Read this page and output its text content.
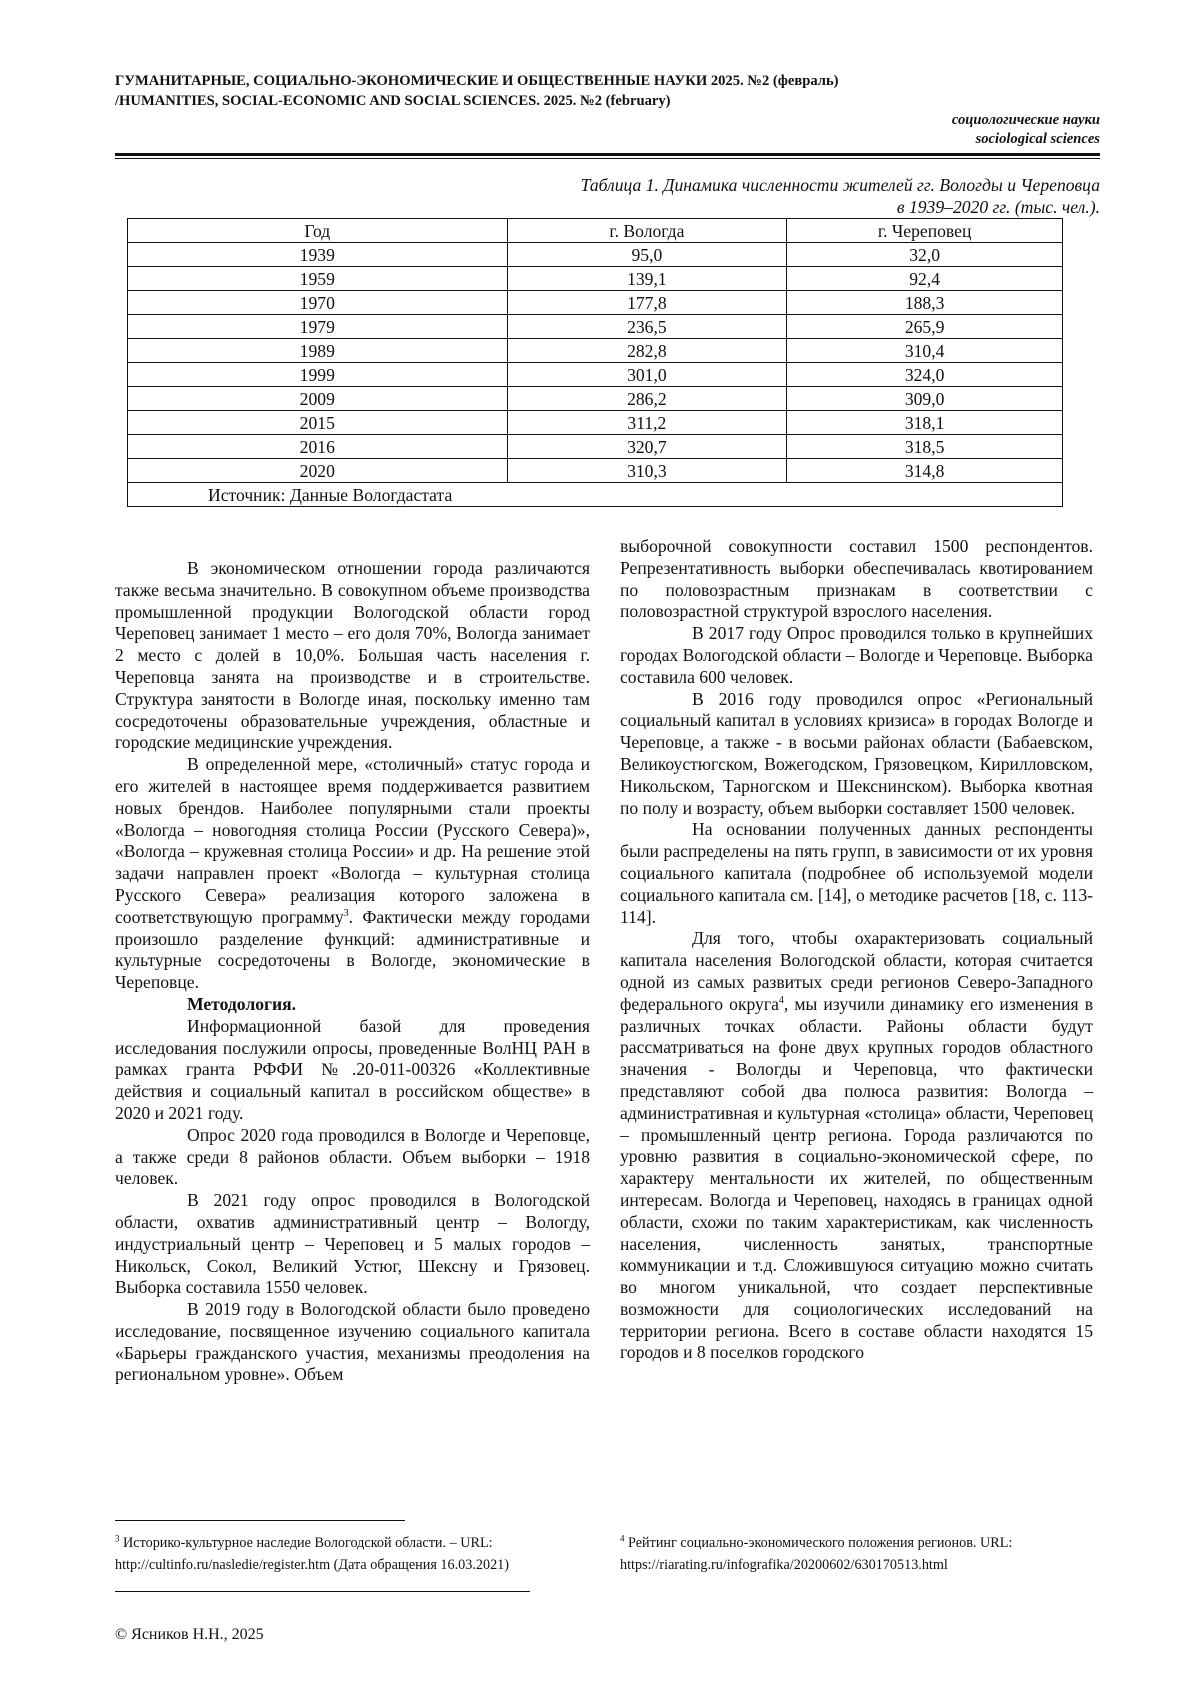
ГУМАНИТАРНЫЕ, СОЦИАЛЬНО-ЭКОНОМИЧЕСКИЕ И ОБЩЕСТВЕННЫЕ НАУКИ 2025. №2 (февраль)
/HUMANITIES, SOCIAL-ECONOMIC AND SOCIAL SCIENCES. 2025. №2 (february)
социологические науки
sociological sciences
Таблица 1. Динамика численности жителей гг. Вологды и Череповца
в 1939–2020 гг. (тыс. чел.).
Год	г. Вологда	г. Череповец
1939	95,0	32,0
1959	139,1	92,4
1970	177,8	188,3
1979	236,5	265,9
1989	282,8	310,4
1999	301,0	324,0
2009	286,2	309,0
2015	311,2	318,1
2016	320,7	318,5
2020	310,3	314,8
Источник: Данные Вологдастата		

В экономическом отношении города различаются также весьма значительно. В совокупном объеме производства промышленной продукции Вологодской области город Череповец занимает 1 место – его доля 70%, Вологда занимает 2 место с долей в 10,0%. Большая часть населения г. Череповца занята на производстве и в строительстве. Структура занятости в Вологде иная, поскольку именно там сосредоточены образовательные учреждения, областные и городские медицинские учреждения.

В определенной мере, «столичный» статус города и его жителей в настоящее время поддерживается развитием новых брендов. Наиболее популярными стали проекты «Вологда – новогодняя столица России (Русского Севера)», «Вологда – кружевная столица России» и др. На решение этой задачи направлен проект «Вологда – культурная столица Русского Севера» реализация которого заложена в соответствующую программу$^3$. Фактически между городами произошло разделение функций: административные и культурные сосредоточены в Вологде, экономические в Череповце.

Методология.

Информационной базой для проведения исследования послужили опросы, проведенные ВолНЦ РАН в рамках гранта РФФИ №.20-011-00326 «Коллективные действия и социальный капитал в российском обществе» в 2020 и 2021 году.

Опрос 2020 года проводился в Вологде и Череповце, а также среди 8 районов области. Объем выборки – 1918 человек.

В 2021 году опрос проводился в Вологодской области, охватив административный центр – Вологду, индустриальный центр – Череповец и 5 малых городов – Никольск, Сокол, Великий Устюг, Шексну и Грязовец. Выборка составила 1550 человек.

В 2019 году в Вологодской области было проведено исследование, посвященное изучению социального капитала «Барьеры гражданского участия, механизмы преодоления на региональном уровне». Объем

выборочной совокупности составил 1500 респондентов. Репрезентативность выборки обеспечивалась квотированием по половозрастным признакам в соответствии с половозрастной структурой взрослого населения.

В 2017 году Опрос проводился только в крупнейших городах Вологодской области – Вологде и Череповце. Выборка составила 600 человек.

В 2016 году проводился опрос «Региональный социальный капитал в условиях кризиса» в городах Вологде и Череповце, а также - в восьми районах области (Бабаевском, Великоустюгском, Вожегодском, Грязовецком, Кирилловском, Никольском, Тарногском и Шекснинском). Выборка квотная по полу и возрасту, объем выборки составляет 1500 человек.

На основании полученных данных респонденты были распределены на пять групп, в зависимости от их уровня социального капитала (подробнее об используемой модели социального капитала см. [14], о методике расчетов [18, с. 113-114].

Для того, чтобы охарактеризовать социальный капитала населения Вологодской области, которая считается одной из самых развитых среди регионов Северо-Западного федерального округа$^4$, мы изучили динамику его изменения в различных точках области. Районы области будут рассматриваться на фоне двух крупных городов областного значения - Вологды и Череповца, что фактически представляют собой два полюса развития: Вологда – административная и культурная «столица» области, Череповец – промышленный центр региона. Города различаются по уровню развития в социально-экономической сфере, по характеру ментальности их жителей, по общественным интересам. Вологда и Череповец, находясь в границах одной области, схожи по таким характеристикам, как численность населения, численность занятых, транспортные коммуникации и т.д. Сложившуюся ситуацию можно считать во многом уникальной, что создает перспективные возможности для социологических исследований на территории региона. Всего в составе области находятся 15 городов и 8 поселков городского

$^3$ Историко-культурное наследие Вологодской области. – URL: http://cultinfo.ru/nasledie/register.htm (Дата обращения 16.03.2021)
$^4$ Рейтинг социально-экономического положения регионов. URL: https://riarating.ru/infografika/20200602/630170513.html
© Ясников Н.Н., 2025
